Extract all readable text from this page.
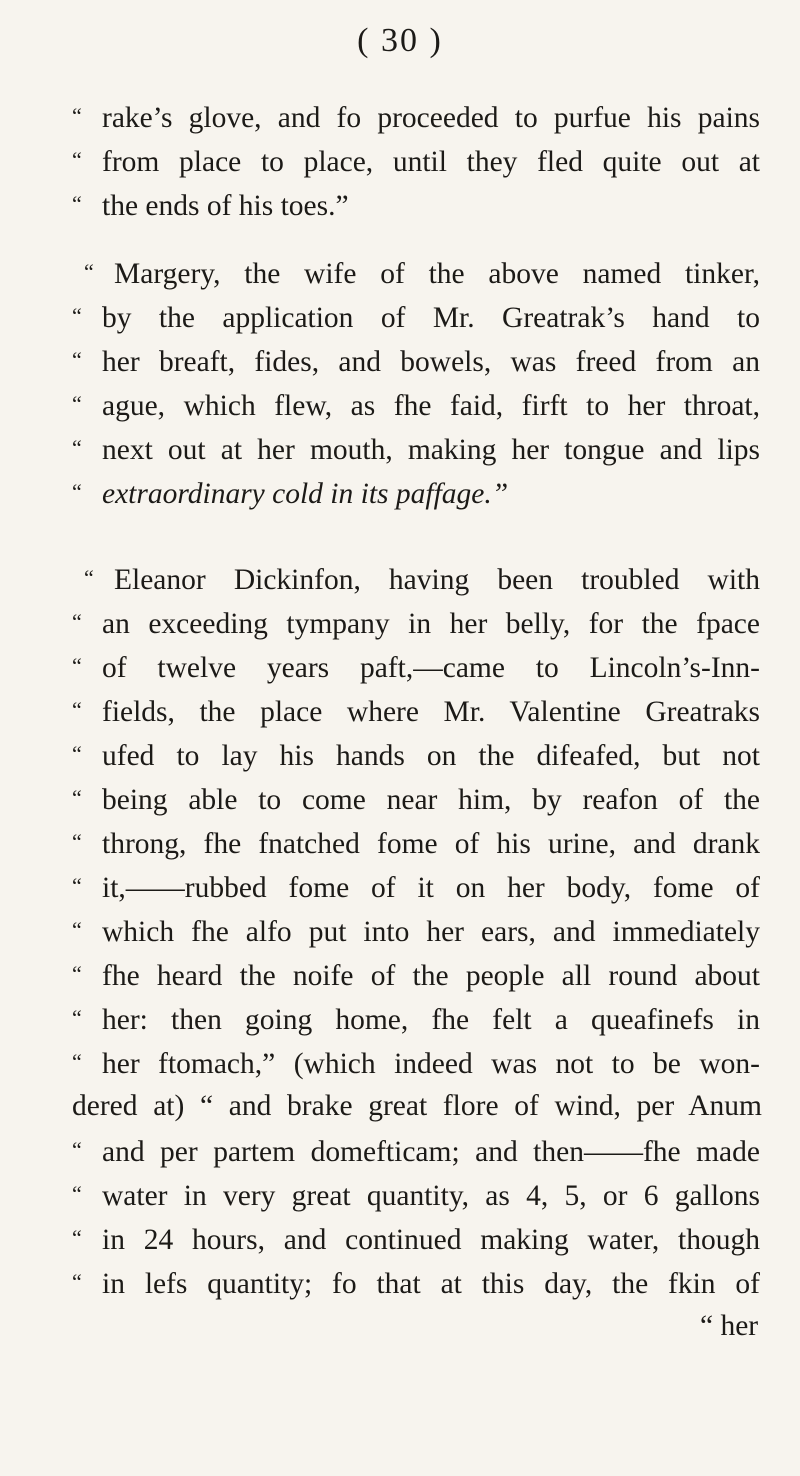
( 30 )
“ rake’s glove, and fo proceeded to purfue his pains
“ from place to place, until they fled quite out at
“ the ends of his toes.”
“ Margery, the wife of the above named tinker,
“ by the application of Mr. Greatrak’s hand to
“ her breaft, fides, and bowels, was freed from an
“ ague, which flew, as fhe faid, firft to her throat,
“ next out at her mouth, making her tongue and lips
“ extraordinary cold in its paffage.”
“ Eleanor Dickinfon, having been troubled with
“ an exceeding tympany in her belly, for the fpace
“ of twelve years paft,—came to Lincoln’s-Inn-
“ fields, the place where Mr. Valentine Greatraks
“ ufed to lay his hands on the difeafed, but not
“ being able to come near him, by reafon of the
“ throng, fhe fnatched fome of his urine, and drank
“ it,——rubbed fome of it on her body, fome of
“ which fhe alfo put into her ears, and immediately
“ fhe heard the noife of the people all round about
“ her: then going home, fhe felt a queafinefs in
“ her ftomach,” (which indeed was not to be won-
dered at) “ and brake great flore of wind, per Anum
“ and per partem domefticam; and then——fhe made
“ water in very great quantity, as 4, 5, or 6 gallons
“ in 24 hours, and continued making water, though
“ in lefs quantity; fo that at this day, the fkin of
“ her
